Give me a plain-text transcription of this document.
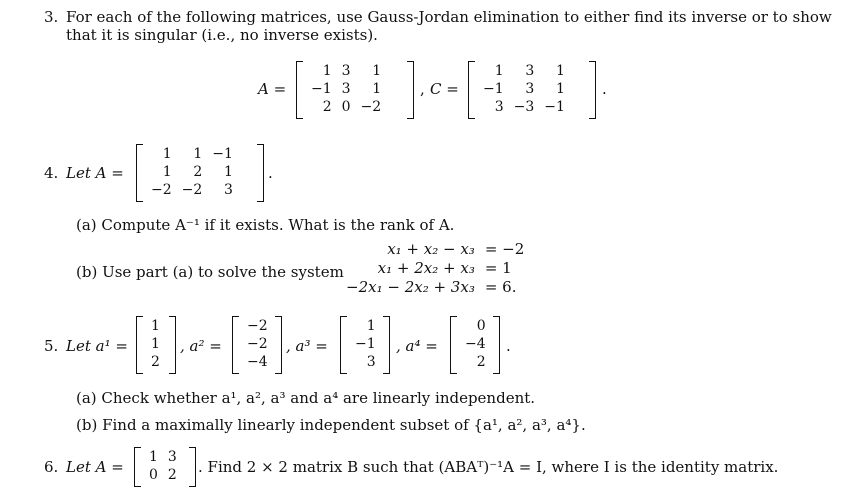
3. For each of the following matrices, use Gauss-Jordan elimination to either find its inverse or to show
that it is singular (i.e., no inverse exists).
A =
1	3	1
−1	3	1
2	0	−2
, C =
1	3	1
−1	3	1
3	−3	−1
.
4. Let A =
1	1	−1
1	2	1
−2	−2	3
.
(a) Compute A⁻¹ if it exists. What is the rank of A.
(b) Use part (a) to solve the system
x₁ + x₂ − x₃	= −2
x₁ + 2x₂ + x₃	= 1
−2x₁ − 2x₂ + 3x₃	= 6.
5. Let a¹ =
1
1
2
, a² =
−2
−2
−4
, a³ =
1
−1
3
, a⁴ =
0
−4
2
.
(a) Check whether a¹, a², a³ and a⁴ are linearly independent.
(b) Find a maximally linearly independent subset of {a¹, a², a³, a⁴}.
6. Let A =
1	3
0	2 . Find 2 × 2 matrix B such that (ABAᵀ)⁻¹A = I, where I is the identity matrix.
